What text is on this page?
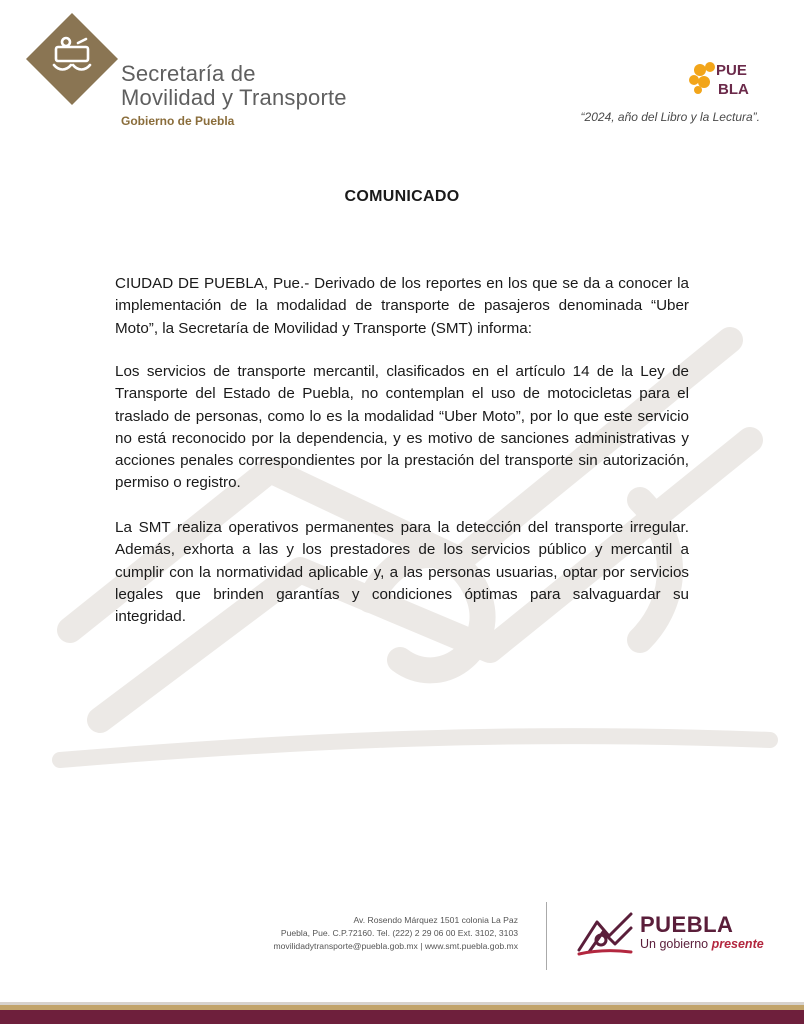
Secretaría de
Movilidad y Transporte
Gobierno de Puebla
PUE
BLA
“2024, año del Libro y la Lectura”.
COMUNICADO

CIUDAD DE PUEBLA, Pue.- Derivado de los reportes en los que se da a conocer la implementación de la modalidad de transporte de pasajeros denominada “Uber Moto”, la Secretaría de Movilidad y Transporte (SMT) informa:

Los servicios de transporte mercantil, clasificados en el artículo 14 de la Ley de Transporte del Estado de Puebla, no contemplan el uso de motocicletas para el traslado de personas, como lo es la modalidad “Uber Moto”, por lo que este servicio no está reconocido por la dependencia, y es motivo de sanciones administrativas y acciones penales correspondientes por la prestación del transporte sin autorización, permiso o registro.

La SMT realiza operativos permanentes para la detección del transporte irregular. Además, exhorta a las y los prestadores de los servicios público y mercantil a cumplir con la normatividad aplicable y, a las personas usuarias, optar por servicios legales que brinden garantías y condiciones óptimas para salvaguardar su integridad.

Av. Rosendo Márquez 1501 colonia La Paz
Puebla, Pue. C.P.72160. Tel. (222) 2 29 06 00 Ext. 3102, 3103
movilidadytransporte@puebla.gob.mx | www.smt.puebla.gob.mx
PUEBLA
Un gobierno presente
